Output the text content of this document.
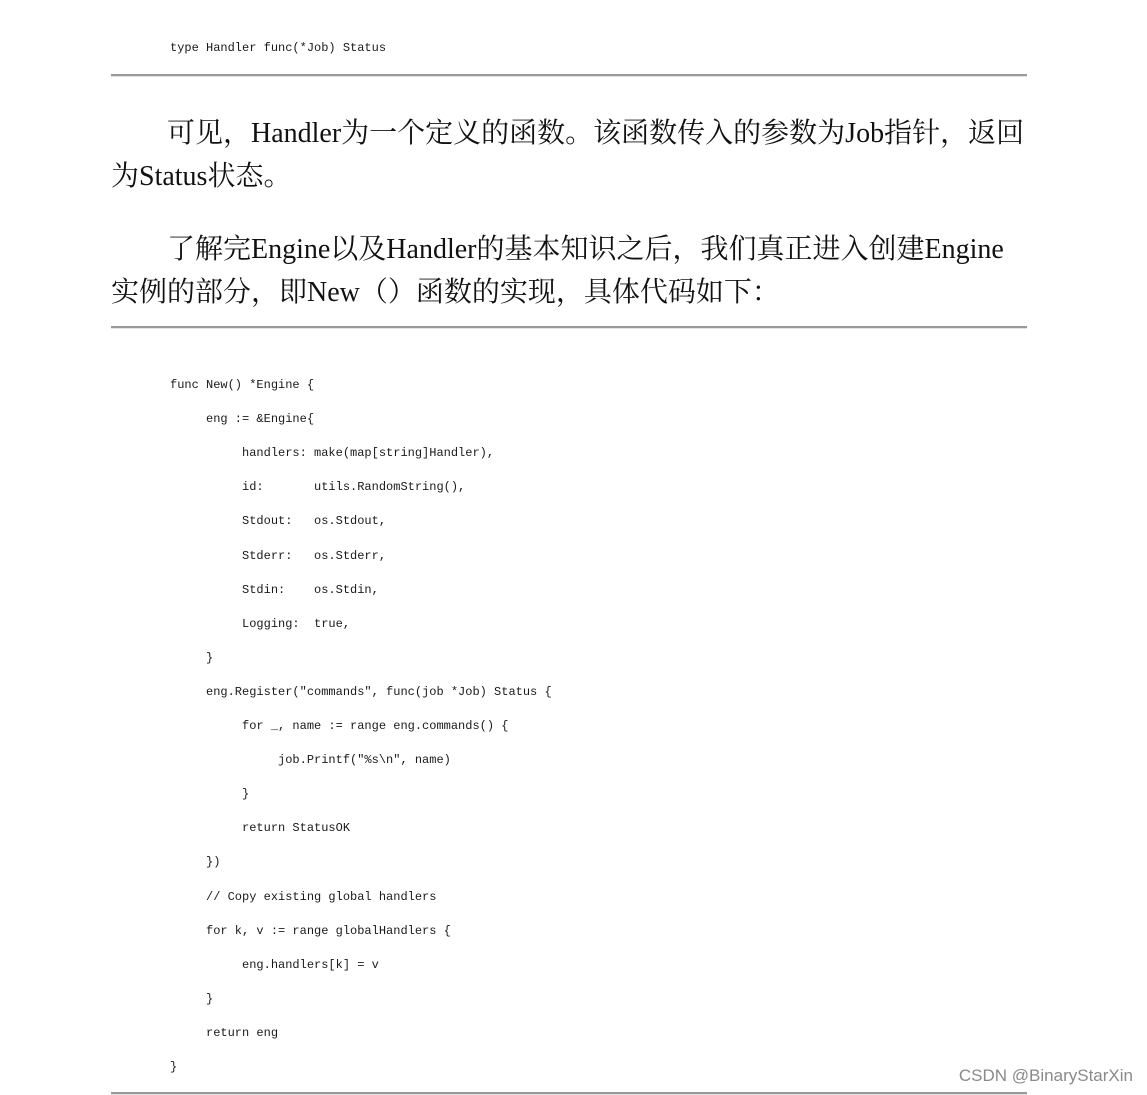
type Handler func(*Job) Status

可见，Handler为一个定义的函数。该函数传入的参数为Job指针，返回为Status状态。

了解完Engine以及Handler的基本知识之后，我们真正进入创建Engine实例的部分，即New（）函数的实现，具体代码如下：

func New() *Engine {
eng := &Engine{
handlers: make(map[string]Handler),
id:       utils.RandomString(),
Stdout:   os.Stdout,
Stderr:   os.Stderr,
Stdin:    os.Stdin,
Logging:  true,
}
eng.Register("commands", func(job *Job) Status {
for _, name := range eng.commands() {
job.Printf("%s\n", name)
}
return StatusOK
})
// Copy existing global handlers
for k, v := range globalHandlers {
eng.handlers[k] = v
}
return eng
}	CSDN @BinaryStarXin
